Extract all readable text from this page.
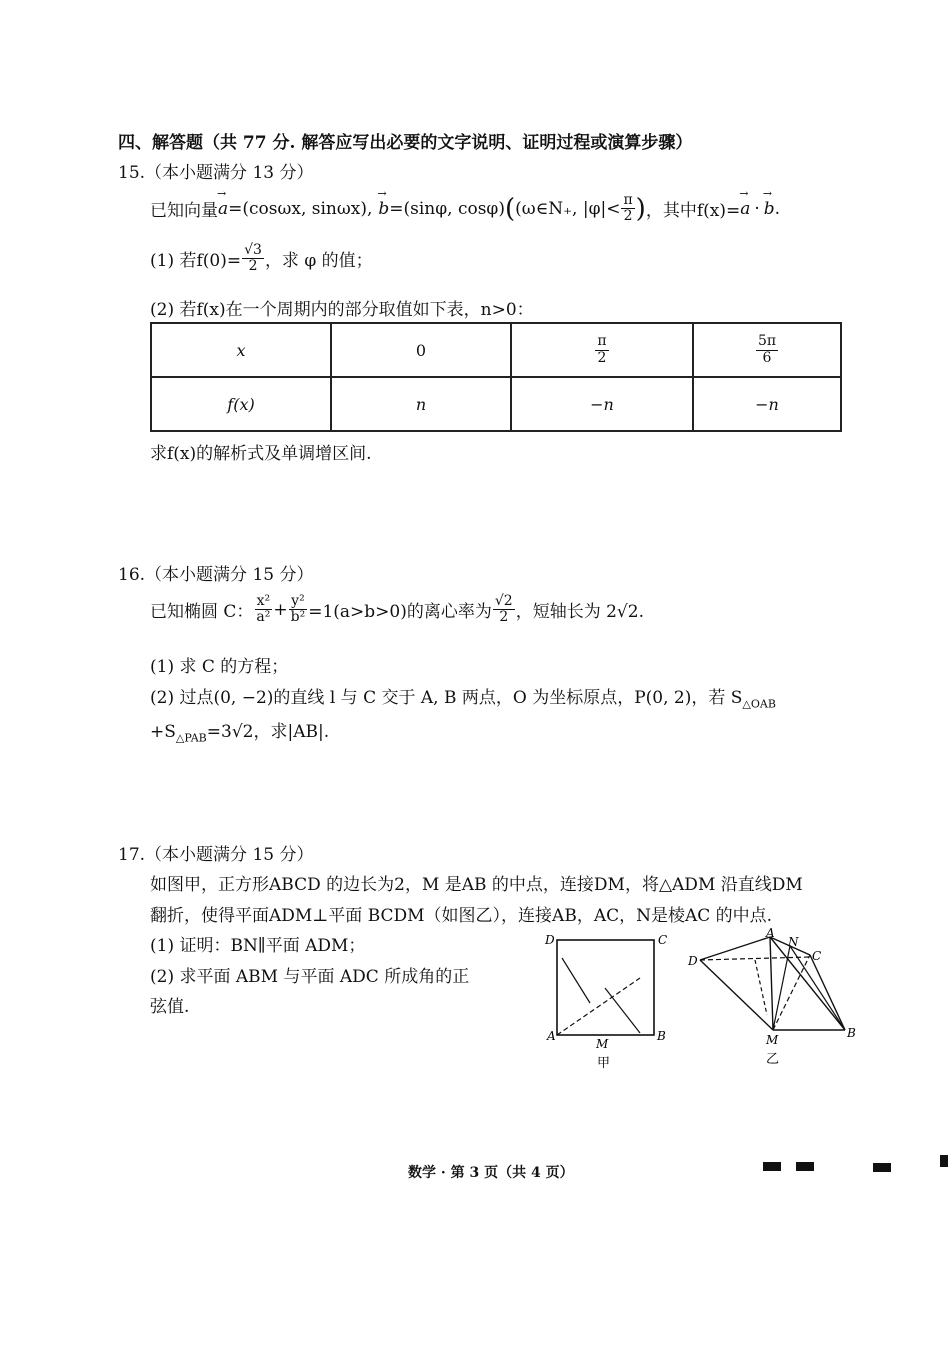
四、解答题（共 77 分. 解答应写出必要的文字说明、证明过程或演算步骤）
15.（本小题满分 13 分）
已知向量 → a =(cosωx, sinωx), → b =(sinφ, cosφ) ( (ω∈N₊, $|\varphi|< \frac{\pi}{2}$ ) ，其中f(x)= → a · → b .
(1) 若$f(0)= \frac{√3}{2}$ ，求 φ 的值；
(2) 若f(x)在一个周期内的部分取值如下表，n>0：
x	0	$\frac{\pi}{2}$	$\frac{5\pi}{6}$

f(x)	n	−n	−n
求f(x)的解析式及单调增区间.
16.（本小题满分 15 分）
已知椭圆 C： $\frac{\text{x²}}{\text{a²}} + \frac{\text{y²}}{\text{b²}} =1(a>b>0)$的离心率为 $\frac{√2}{2}$ ，短轴长为 2√2.
(1) 求 C 的方程；
(2) 过点(0, −2)的直线 l 与 C 交于 A, B 两点，O 为坐标原点，P(0, 2)，若 $S_{\triangle OAB}$
$+S_{\triangle PAB}=3√2$，求|AB|.
17.（本小题满分 15 分）
如图甲，正方形ABCD 的边长为2，M 是AB 的中点，连接DM，将△ADM 沿直线DM
翻折，使得平面ADM⊥平面 BCDM（如图乙），连接AB，AC，N是棱AC 的中点.
(1) 证明：BN∥平面 ADM；
(2) 求平面 ABM 与平面 ADC 所成角的正
弦值.
D	C
A
M
B
甲
A
N
D	C
M	B
乙
数学 · 第 3 页（共 4 页）
